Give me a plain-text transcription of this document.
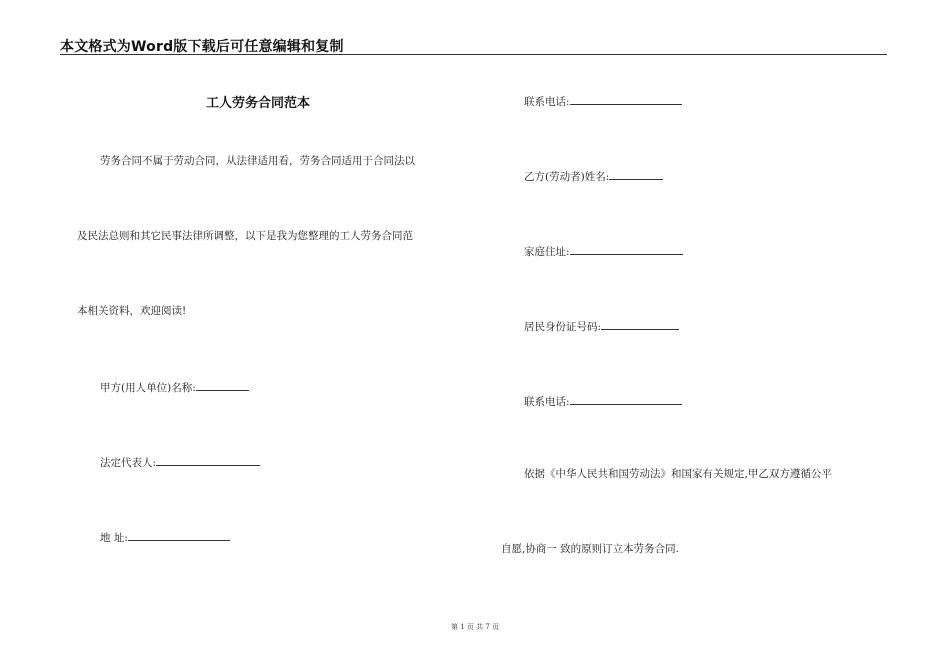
本文格式为Word版下载后可任意编辑和复制
工人劳务合同范本
劳务合同不属于劳动合同，从法律适用看，劳务合同适用于合同法以
及民法总则和其它民事法律所调整，以下是我为您整理的工人劳务合同范
本相关资料，欢迎阅读!
甲方(用人单位)名称:
法定代表人:
地 址:
联系电话:
乙方(劳动者)姓名:
家庭住址:
居民身份证号码:
联系电话:
依据《中华人民共和国劳动法》和国家有关规定,甲乙双方遵循公平
自愿,协商一 致的原则订立本劳务合同.
第 1 页 共 7 页
